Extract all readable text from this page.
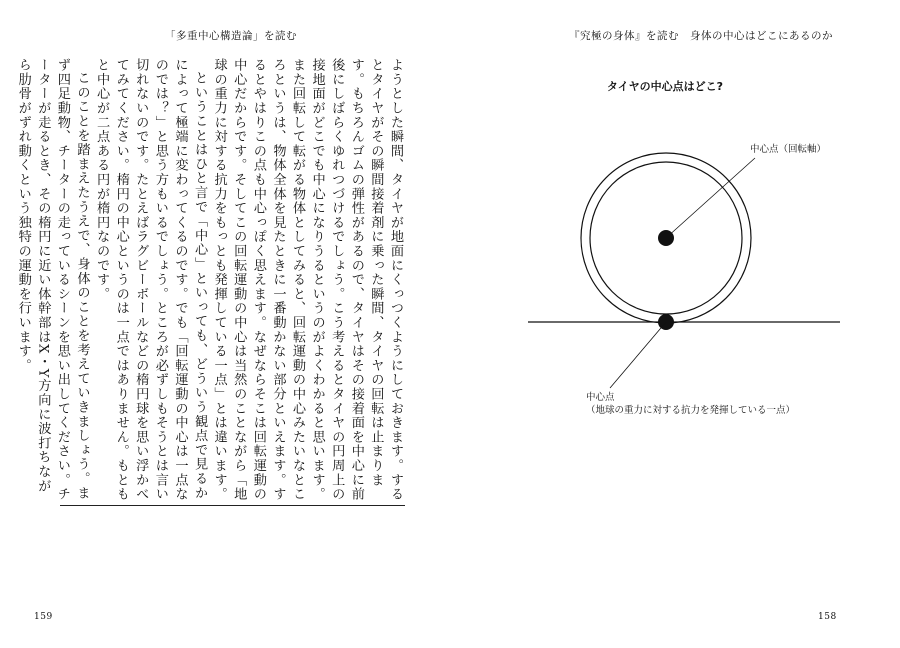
「多重中心構造論」を読む

ようとした瞬間、タイヤが地面にくっつくようにしておきます。するとタイヤがその瞬間接着剤に乗った瞬間、タイヤの回転は止まります。もちろんゴムの弾性があるので、タイヤはその接着面を中心に前後にしばらくゆれつづけるでしょう。こう考えるとタイヤの円周上の接地面がどこでも中心になりうるというのがよくわかると思います。また回転して転がる物体としてみると、回転運動の中心みたいなところというは、物体全体を見たときに一番動かない部分といえます。するとやはりこの点も中心っぽく思えます。なぜならそこは回転運動の中心だからです。そしてこの回転運動の中心は当然のことながら「地球の重力に対する抗力をもっとも発揮している一点」とは違います。

ということはひと言で「中心」といっても、どういう観点で見るかによって極端に変わってくるのです。でも「回転運動の中心は一点なのでは？」と思う方もいるでしょう。ところが必ずしもそうとは言い切れないのです。たとえばラグビーボールなどの楕円球を思い浮かべてみてください。楕円の中心というのは一点ではありません。もともと中心が二点ある円が楕円なのです。

このことを踏まえたうえで、身体のことを考えていきましょう。まず四足動物、チーターの走っているシーンを思い出してください。チーターが走るとき、その楕円に近い体幹部はX・Y方向に波打ちながら肋骨がずれ動くという独特の運動を行います。

159
『究極の身体』を読む　身体の中心はどこにあるのか
タイヤの中心点はどこ?
中心点（回転軸）
中心点
（地球の重力に対する抗力を発揮している一点）
158
